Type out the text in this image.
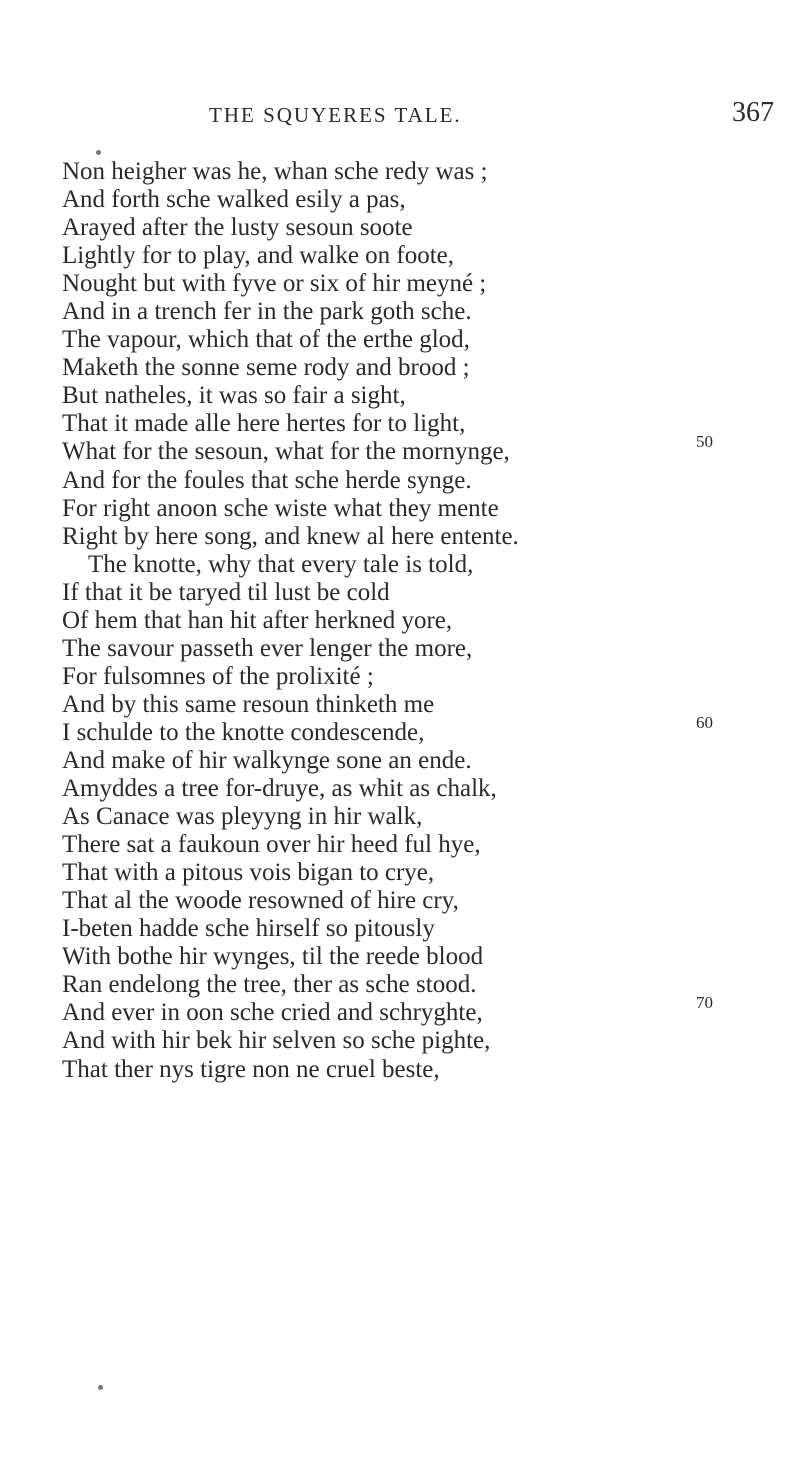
THE SQUYERES TALE.	367
Non heigher was he, whan sche redy was ;
And forth sche walked esily a pas,
Arayed after the lusty sesoun soote
Lightly for to play, and walke on foote,
Nought but with fyve or six of hir meyné ;
And in a trench fer in the park goth sche.
The vapour, which that of the erthe glod,
Maketh the sonne seme rody and brood ;
But natheles, it was so fair a sight,
That it made alle here hertes for to light,
What for the sesoun, what for the mornynge,
And for the foules that sche herde synge.
For right anoon sche wiste what they mente
Right by here song, and knew al here entente.
The knotte, why that every tale is told,
If that it be taryed til lust be cold
Of hem that han hit after herkned yore,
The savour passeth ever lenger the more,
For fulsomnes of the prolixité ;
And by this same resoun thinketh me
I schulde to the knotte condescende,
And make of hir walkynge sone an ende.
Amyddes a tree for-druye, as whit as chalk,
As Canace was pleyyng in hir walk,
There sat a faukoun over hir heed ful hye,
That with a pitous vois bigan to crye,
That al the woode resowned of hire cry,
I-beten hadde sche hirself so pitously
With bothe hir wynges, til the reede blood
Ran endelong the tree, ther as sche stood.
And ever in oon sche cried and schryghte,
And with hir bek hir selven so sche pighte,
That ther nys tigre non ne cruel beste,
50
60
70
